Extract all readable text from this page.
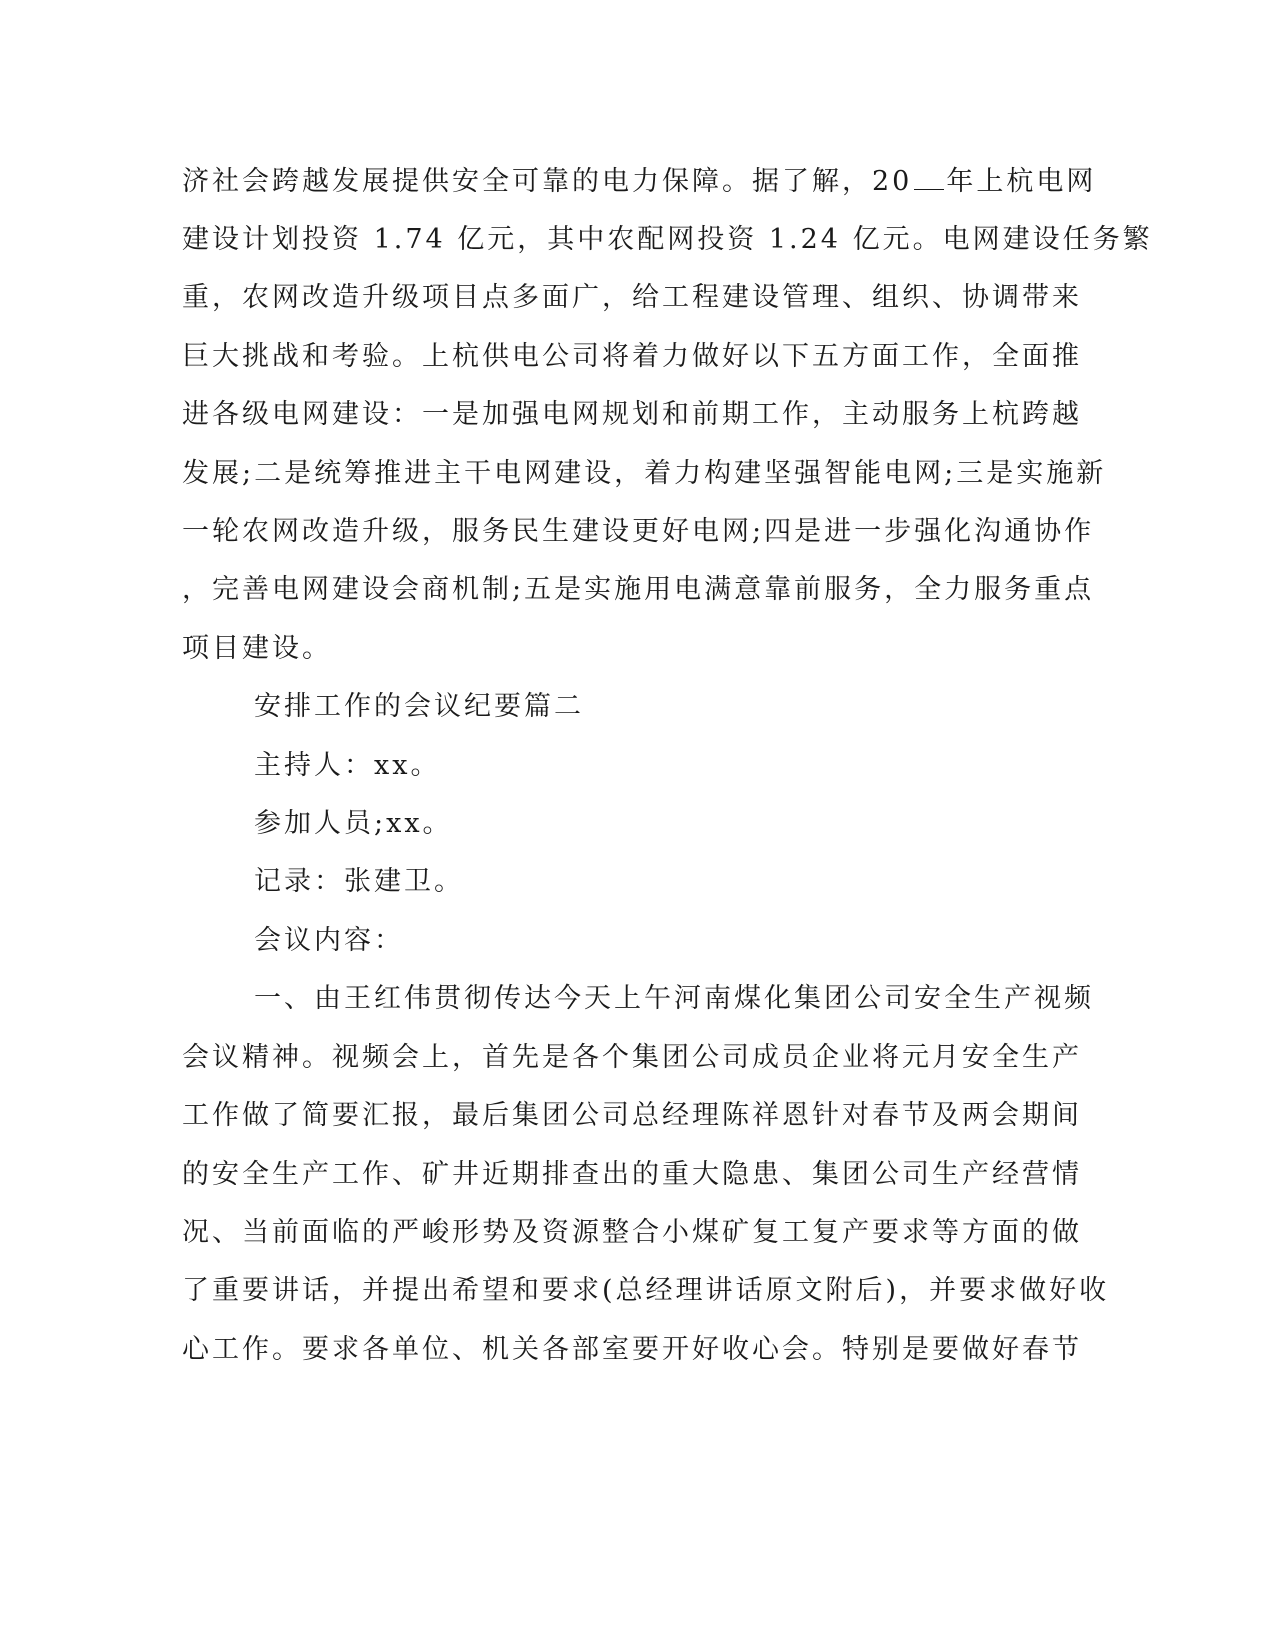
济社会跨越发展提供安全可靠的电力保障。据了解，20 年上杭电网
建设计划投资 1.74 亿元，其中农配网投资 1.24 亿元。电网建设任务繁
重，农网改造升级项目点多面广，给工程建设管理、组织、协调带来
巨大挑战和考验。上杭供电公司将着力做好以下五方面工作，全面推
进各级电网建设：一是加强电网规划和前期工作，主动服务上杭跨越
发展;二是统筹推进主干电网建设，着力构建坚强智能电网;三是实施新
一轮农网改造升级，服务民生建设更好电网;四是进一步强化沟通协作
，完善电网建设会商机制;五是实施用电满意靠前服务，全力服务重点
项目建设。
安排工作的会议纪要篇二
主持人：xx。
参加人员;xx。
记录：张建卫。
会议内容：
一、由王红伟贯彻传达今天上午河南煤化集团公司安全生产视频
会议精神。视频会上，首先是各个集团公司成员企业将元月安全生产
工作做了简要汇报，最后集团公司总经理陈祥恩针对春节及两会期间
的安全生产工作、矿井近期排查出的重大隐患、集团公司生产经营情
况、当前面临的严峻形势及资源整合小煤矿复工复产要求等方面的做
了重要讲话，并提出希望和要求(总经理讲话原文附后)，并要求做好收
心工作。要求各单位、机关各部室要开好收心会。特别是要做好春节
